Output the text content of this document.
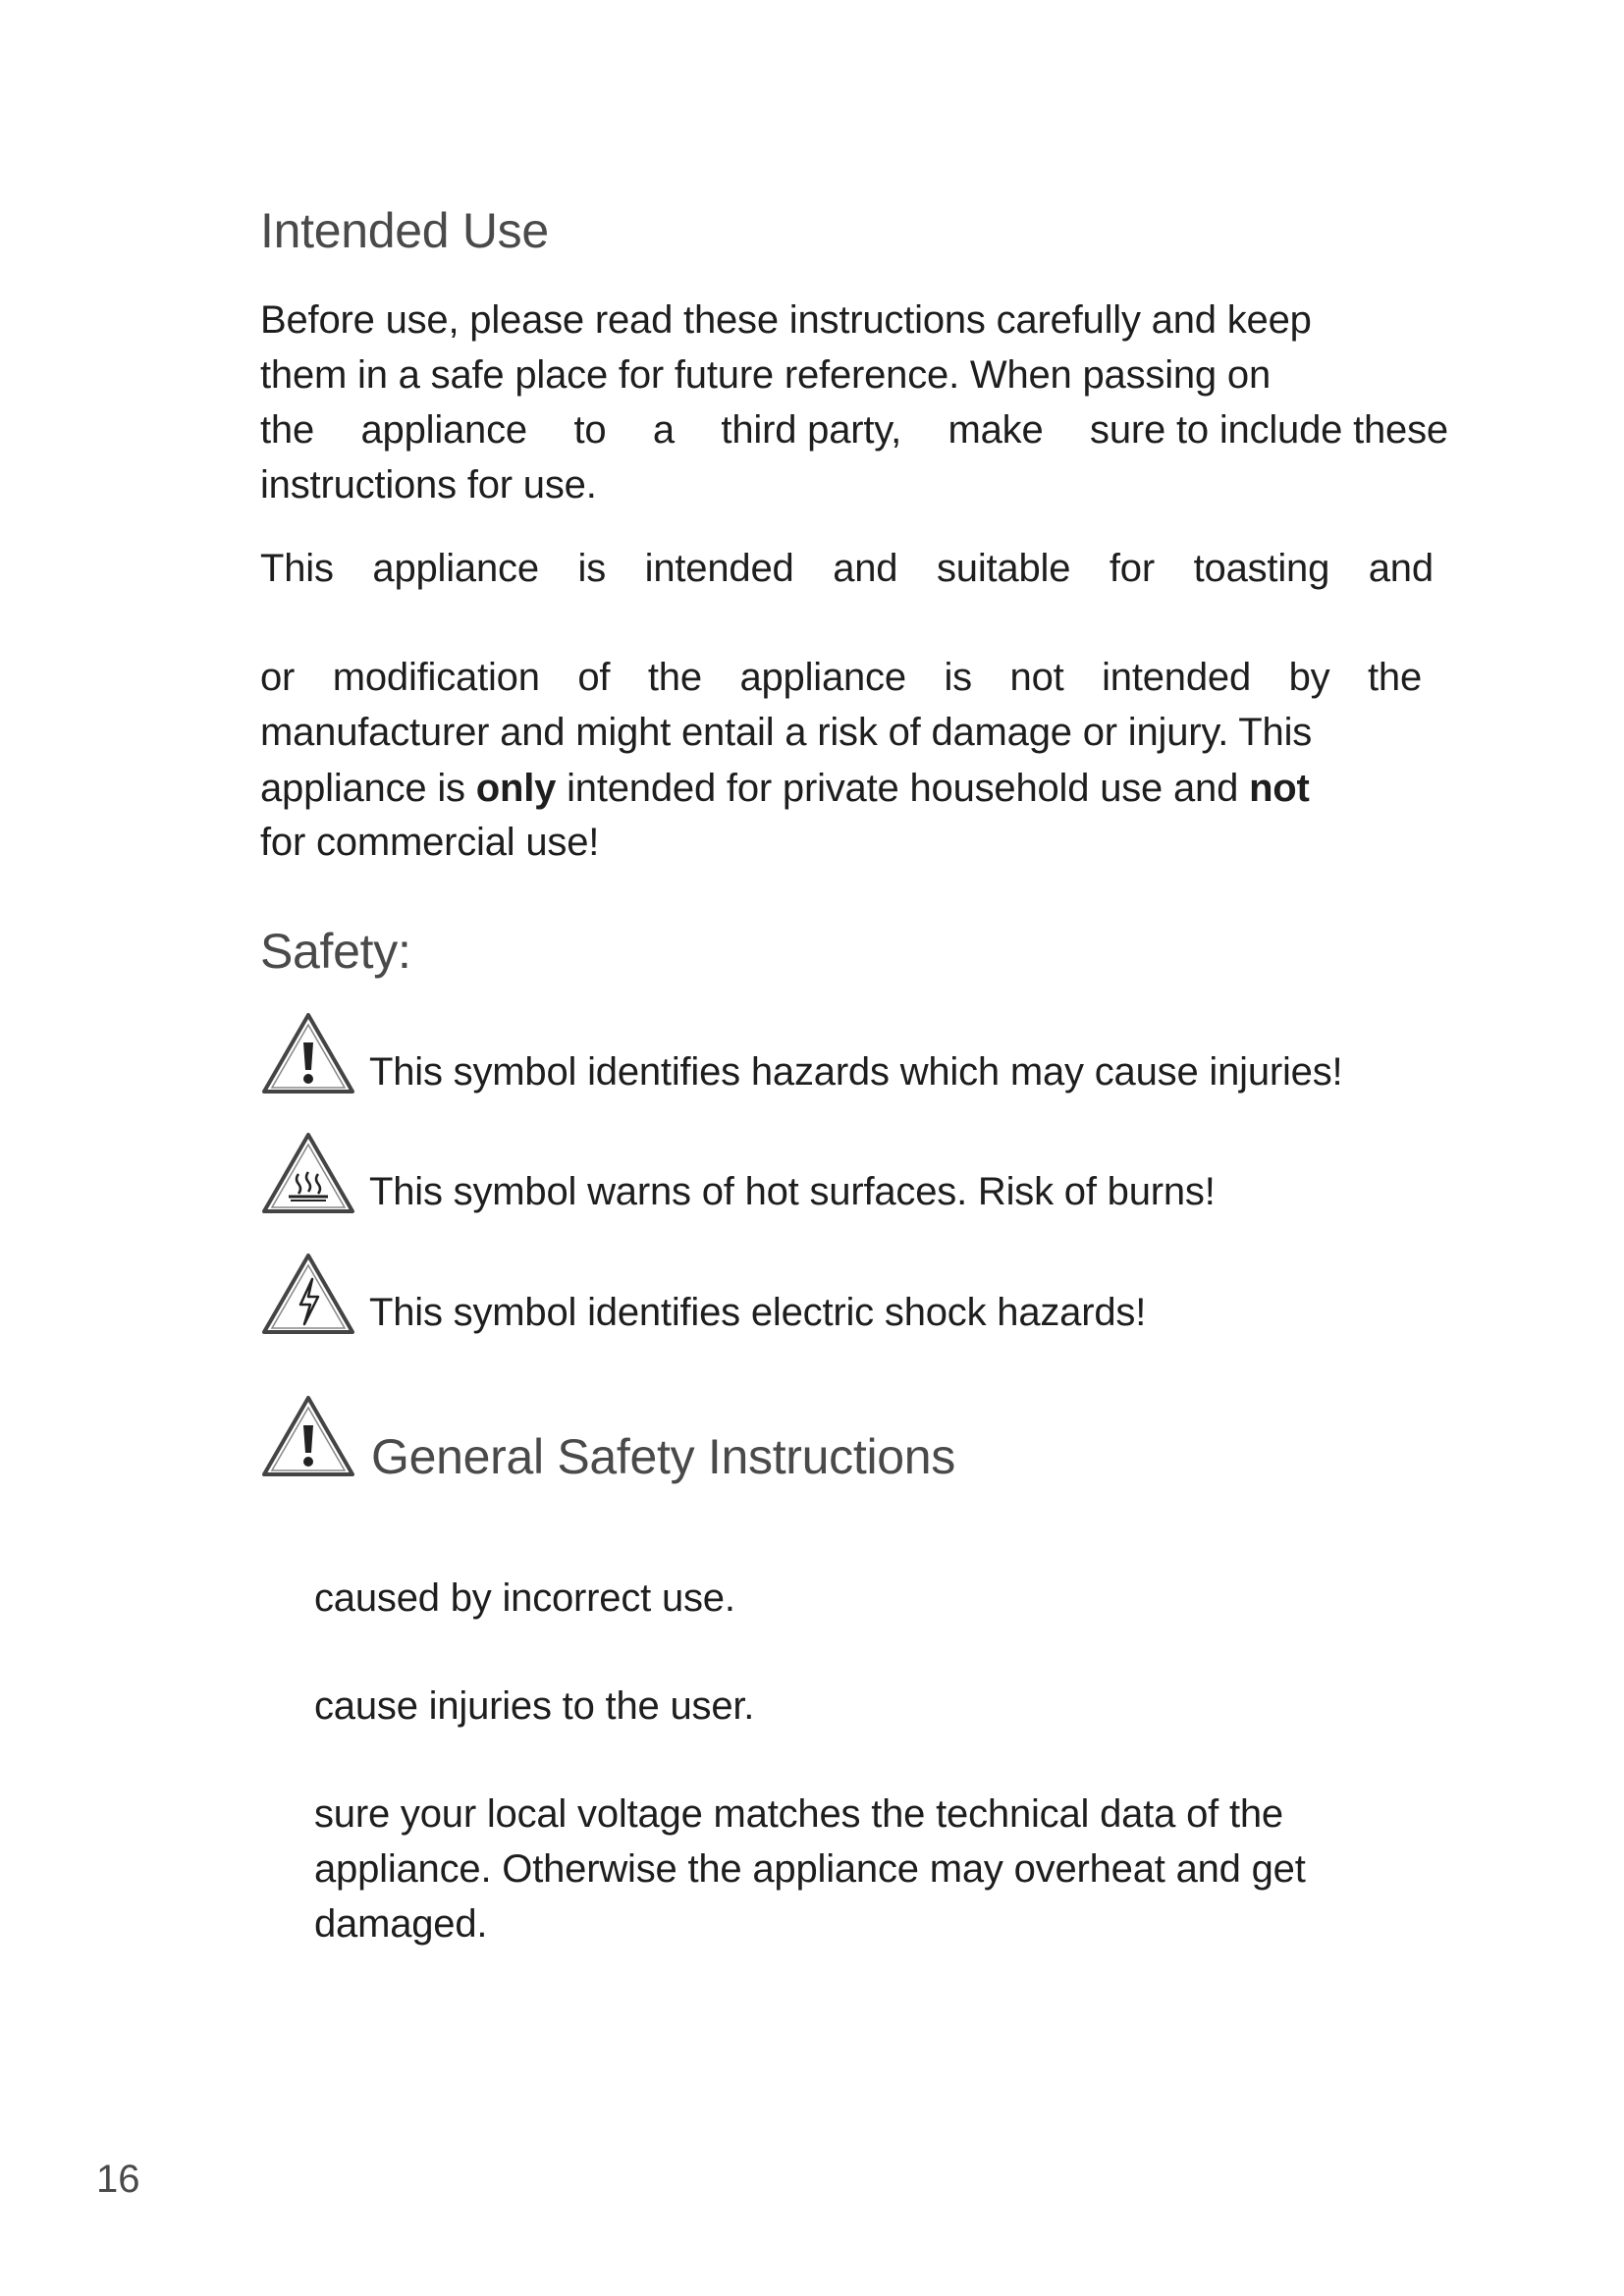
Intended Use
Before use, please read these instructions carefully and keep
them in a safe place for future reference. When passing on
the appliance to a third party, make sure to include these
instructions for use.
This appliance is intended and suitable for toasting and
or modification of the appliance is not intended by the
manufacturer and might entail a risk of damage or injury. This
appliance is only intended for private household use and not
for commercial use!
Safety:
This symbol identifies hazards which may cause injuries!
This symbol warns of hot surfaces. Risk of burns!
This symbol identifies electric shock hazards!
General Safety Instructions
caused by incorrect use.
cause injuries to the user.
sure your local voltage matches the technical data of the
appliance. Otherwise the appliance may overheat and get
damaged.
16
